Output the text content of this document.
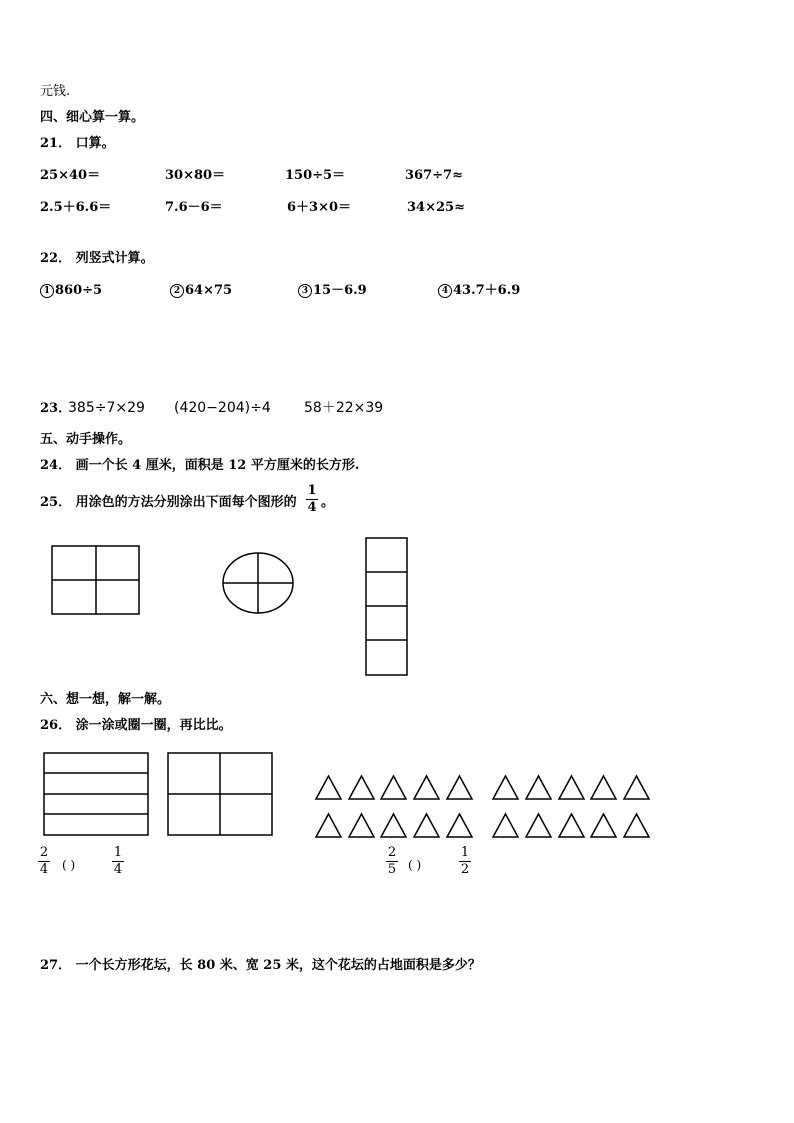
元钱.
四、细心算一算。
21． 口算。
25×40＝	30×80＝	150÷5＝	367÷7≈
2.5＋6.6＝	7.6－6＝	6＋3×0＝	34×25≈
22． 列竖式计算。
1 860÷5	2 64×75	3 15－6.9	4 43.7＋6.9
23．
385÷7×29 (420−204)÷4 58＋22×39
五、动手操作。
24． 画一个长 4 厘米，面积是 12 平方厘米的长方形.
25． 用涂色的方法分别涂出下面每个图形的
1
4 。
六、想一想，解一解。
26． 涂一涂或圈一圈，再比比。
2
4 ( )
1
4
2
5 ( )
1
2
27． 一个长方形花坛，长 80 米、宽 25 米，这个花坛的占地面积是多少？
